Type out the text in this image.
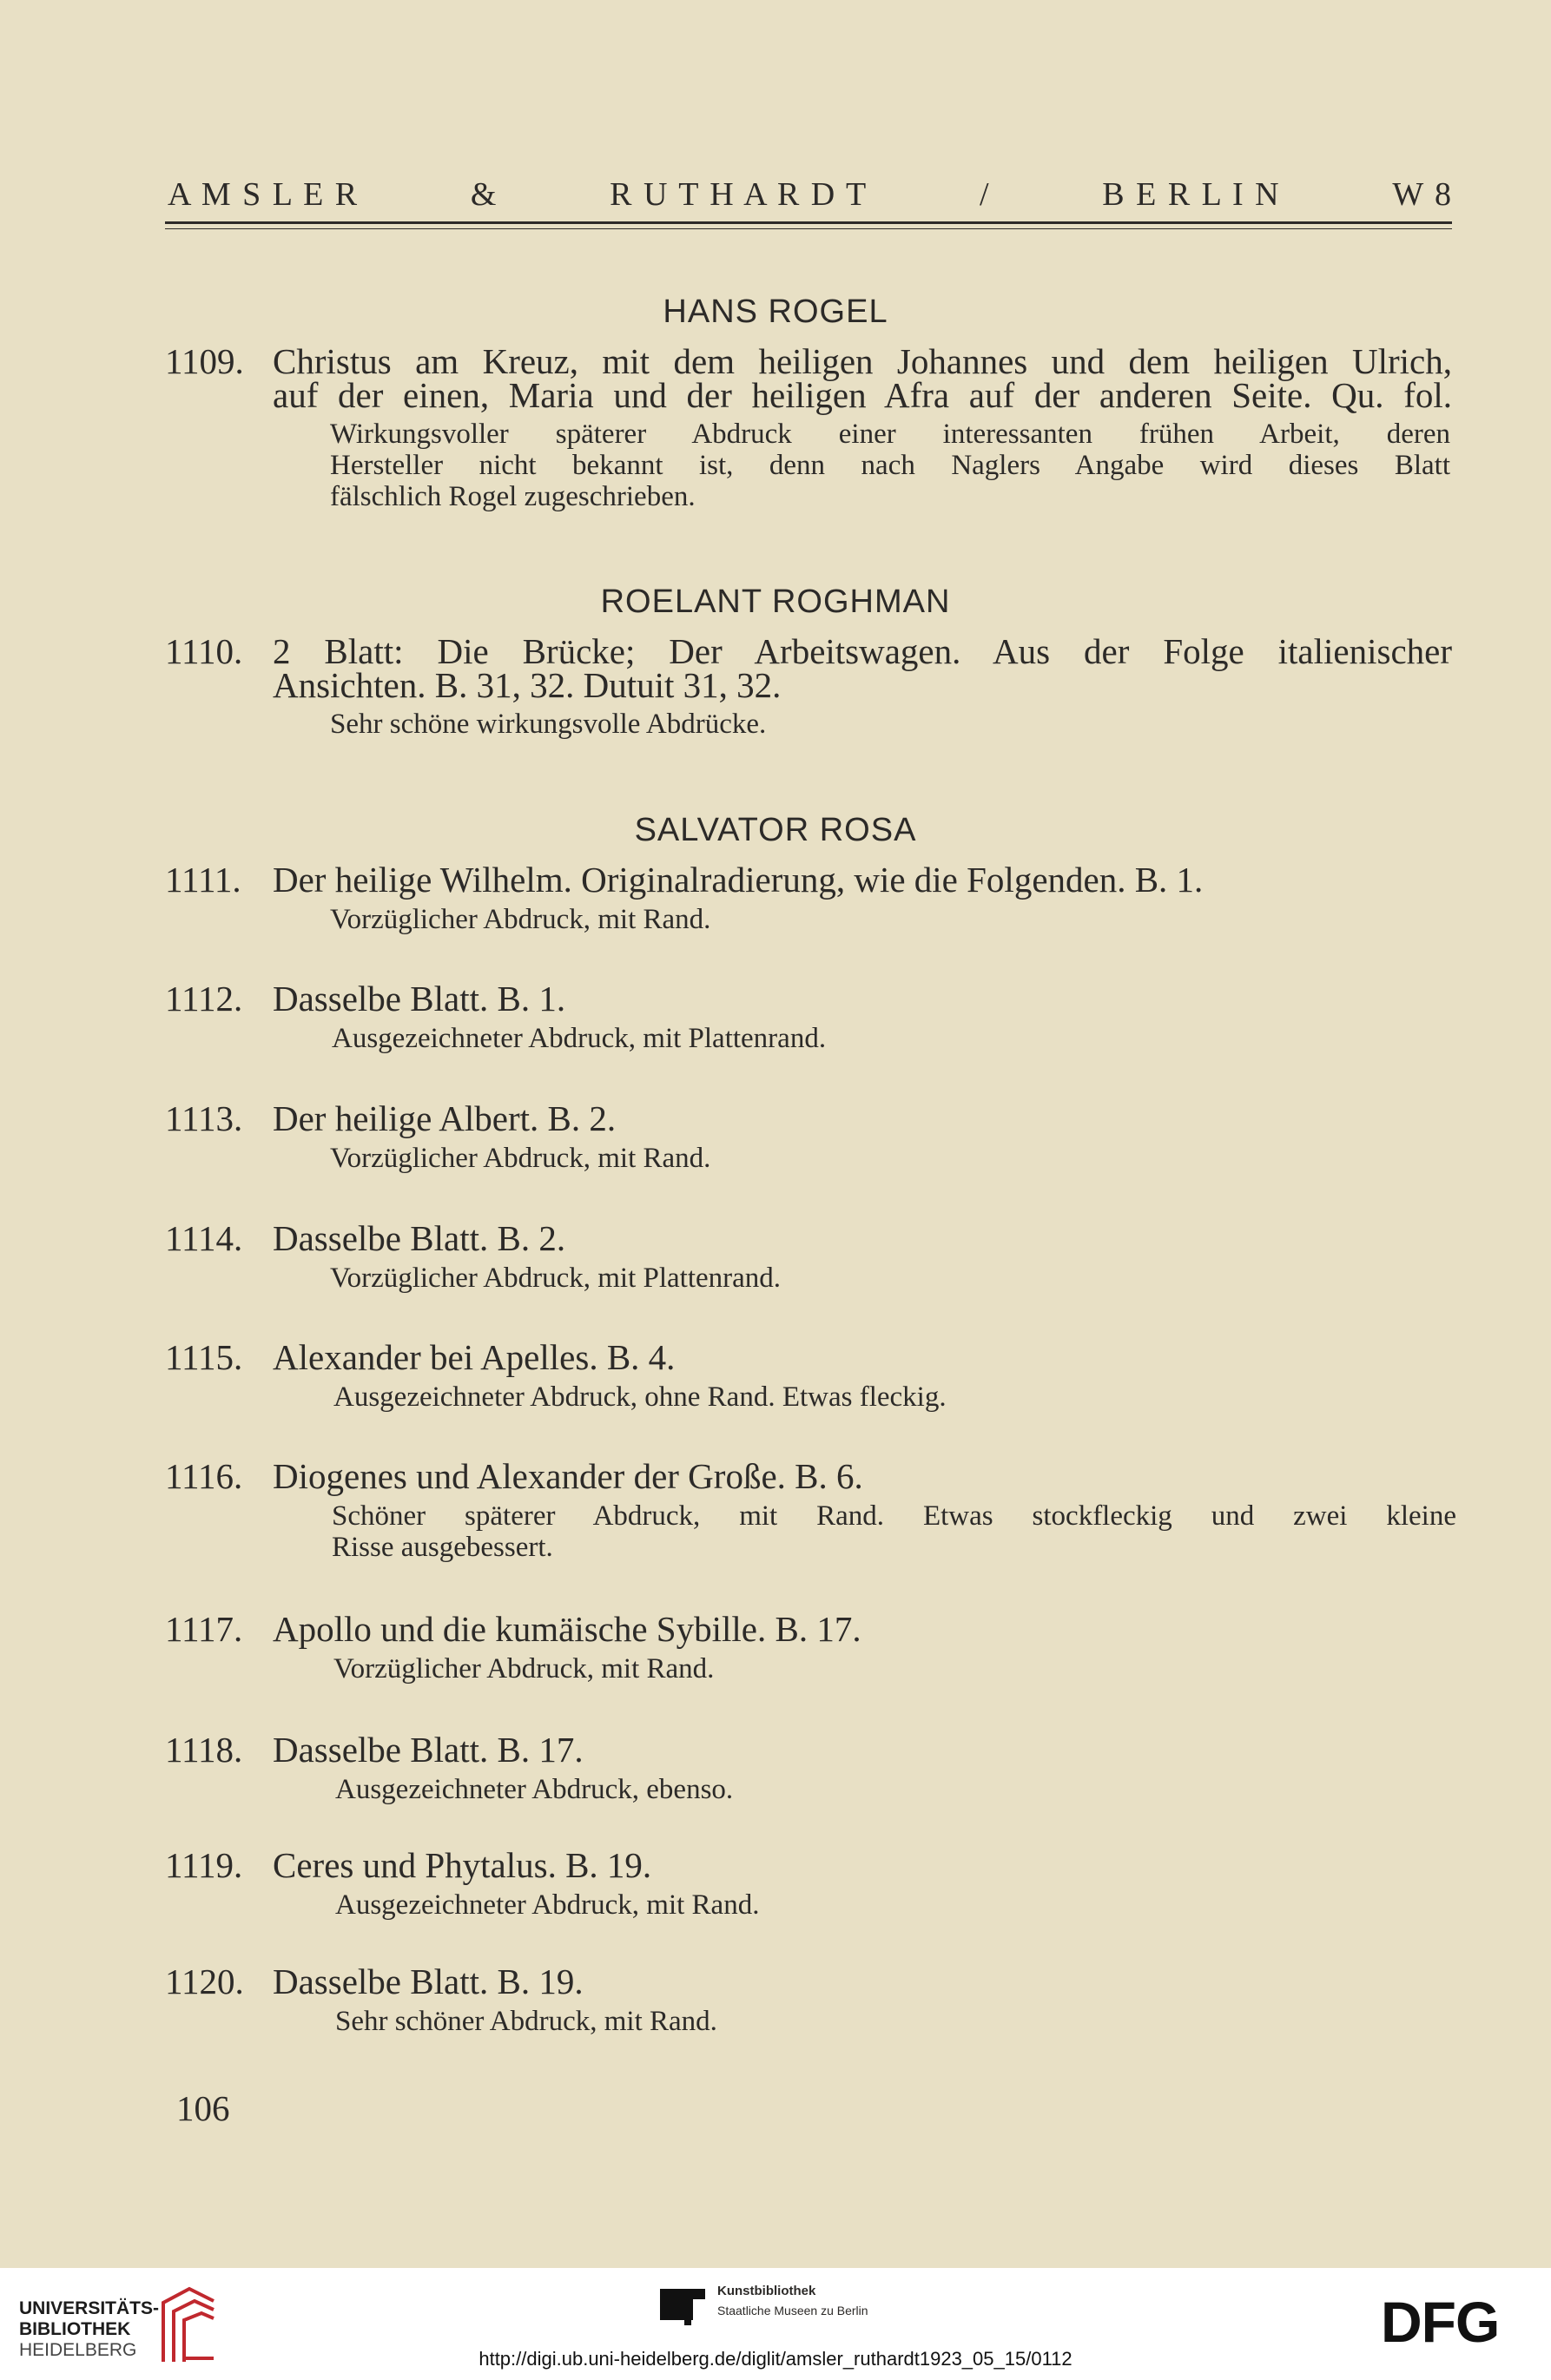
A M S L E R	&	R U T H A R D T	/	B E R L I N	W 8
HANS ROGEL
1109. Christus am Kreuz, mit dem heiligen Johannes und dem heiligen Ulrich,
auf der einen, Maria und der heiligen Afra auf der anderen Seite. Qu. fol.
Wirkungsvoller späterer Abdruck einer interessanten frühen Arbeit, deren
Hersteller nicht bekannt ist, denn nach Naglers Angabe wird dieses Blatt
fälschlich Rogel zugeschrieben.
ROELANT ROGHMAN
1110. 2 Blatt: Die Brücke; Der Arbeitswagen. Aus der Folge italienischer
Ansichten. B. 31, 32. Dutuit 31, 32.
Sehr schöne wirkungsvolle Abdrücke.
SALVATOR ROSA
1111. Der heilige Wilhelm. Originalradierung, wie die Folgenden. B. 1.
Vorzüglicher Abdruck, mit Rand.
1112. Dasselbe Blatt. B. 1.
Ausgezeichneter Abdruck, mit Plattenrand.
1113. Der heilige Albert. B. 2.
Vorzüglicher Abdruck, mit Rand.
1114. Dasselbe Blatt. B. 2.
Vorzüglicher Abdruck, mit Plattenrand.
1115. Alexander bei Apelles. B. 4.
Ausgezeichneter Abdruck, ohne Rand. Etwas fleckig.
1116. Diogenes und Alexander der Große. B. 6.
Schöner späterer Abdruck, mit Rand. Etwas stockfleckig und zwei kleine
Risse ausgebessert.
1117. Apollo und die kumäische Sybille. B. 17.
Vorzüglicher Abdruck, mit Rand.
1118. Dasselbe Blatt. B. 17.
Ausgezeichneter Abdruck, ebenso.
1119. Ceres und Phytalus. B. 19.
Ausgezeichneter Abdruck, mit Rand.
1120. Dasselbe Blatt. B. 19.
Sehr schöner Abdruck, mit Rand.
106
UNIVERSITÄTS-
BIBLIOTHEK
HEIDELBERG
Kunstbibliothek
Staatliche Museen zu Berlin	DFG
http://digi.ub.uni-heidelberg.de/diglit/amsler_ruthardt1923_05_15/0112
